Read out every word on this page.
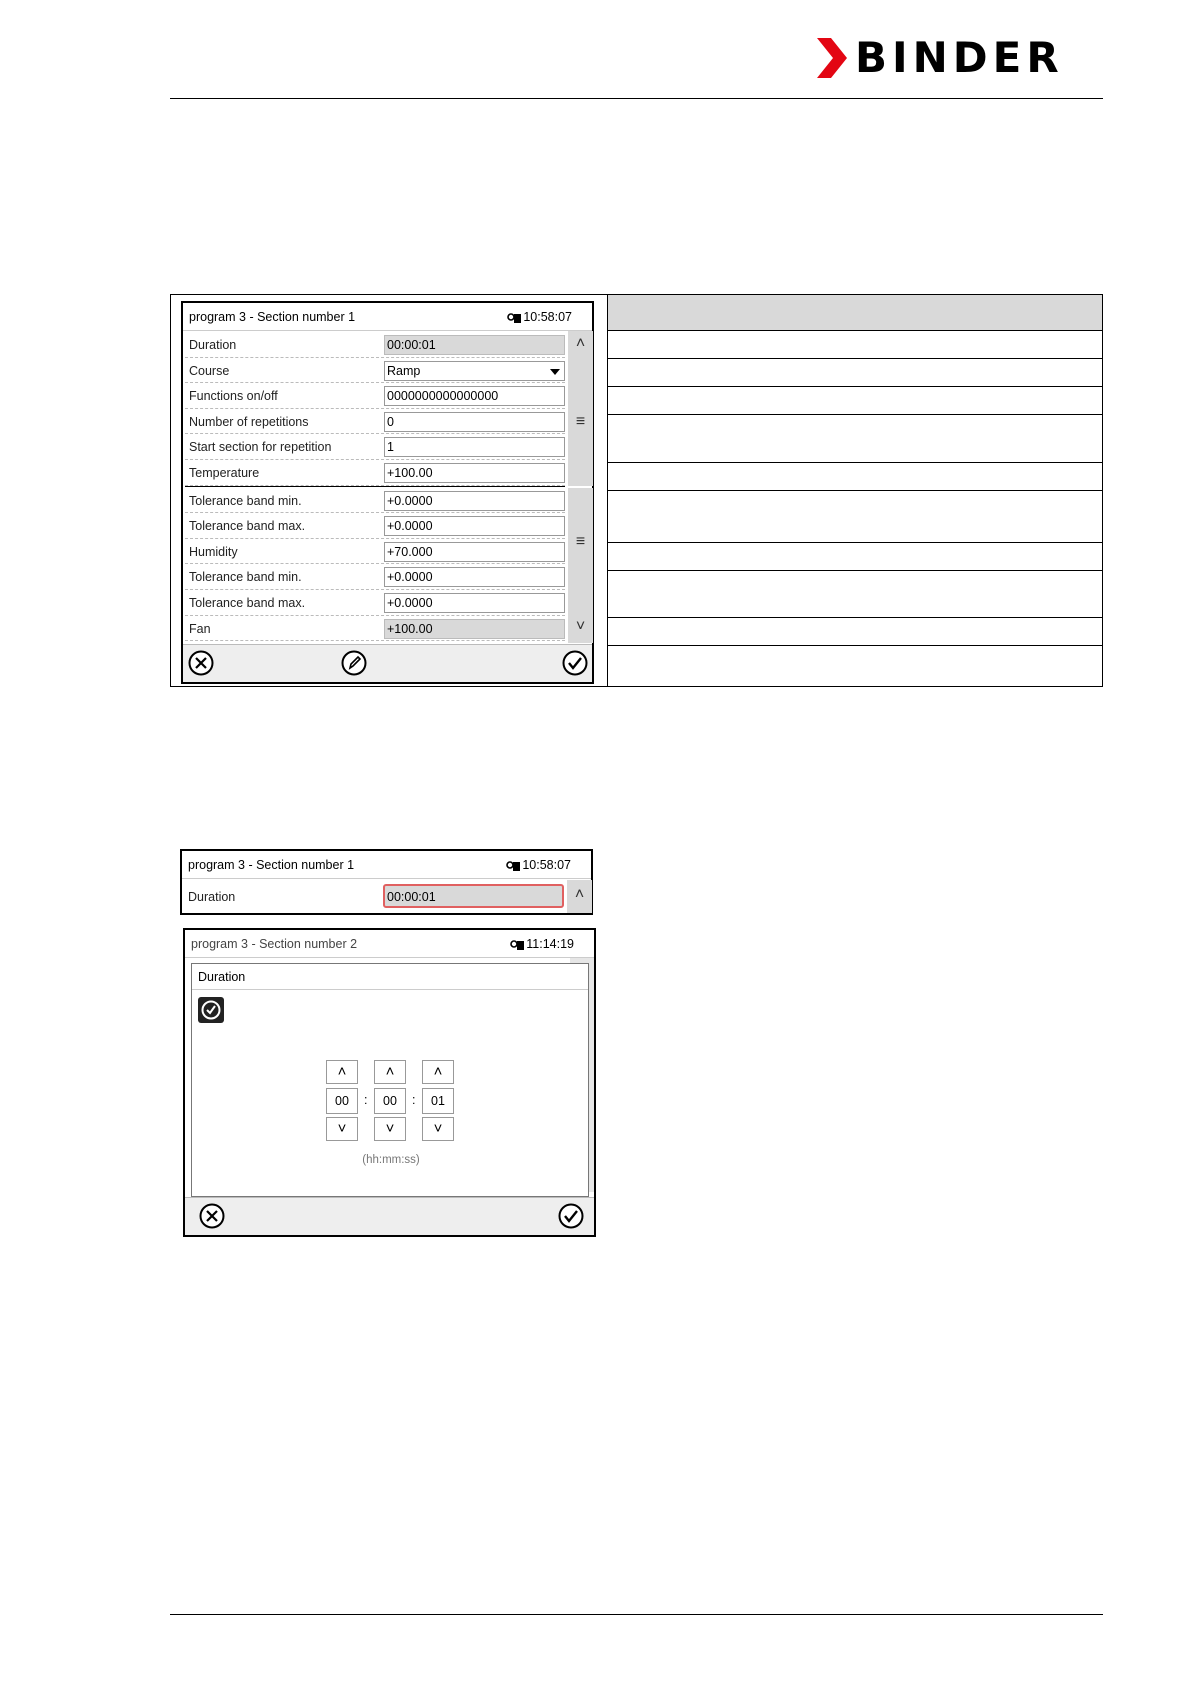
BINDER
program 3 - Section number 1	10:58:07
Duration	00:00:01
Course	Ramp
Functions on/off	0000000000000000
Number of repetitions	0
Start section for repetition	1
Temperature	+100.00
Tolerance band min.	+0.0000
Tolerance band max.	+0.0000
Humidity	+70.000
Tolerance band min.	+0.0000
Tolerance band max.	+0.0000
Fan	+100.00
˄
≡
≡
˅
program 3 - Section number 1	10:58:07
Duration	00:00:01	˄
program 3 - Section number 2	11:14:19
Duration
˄	˄	˄
00	:	00	:	01
˅	˅	˅
(hh:mm:ss)
